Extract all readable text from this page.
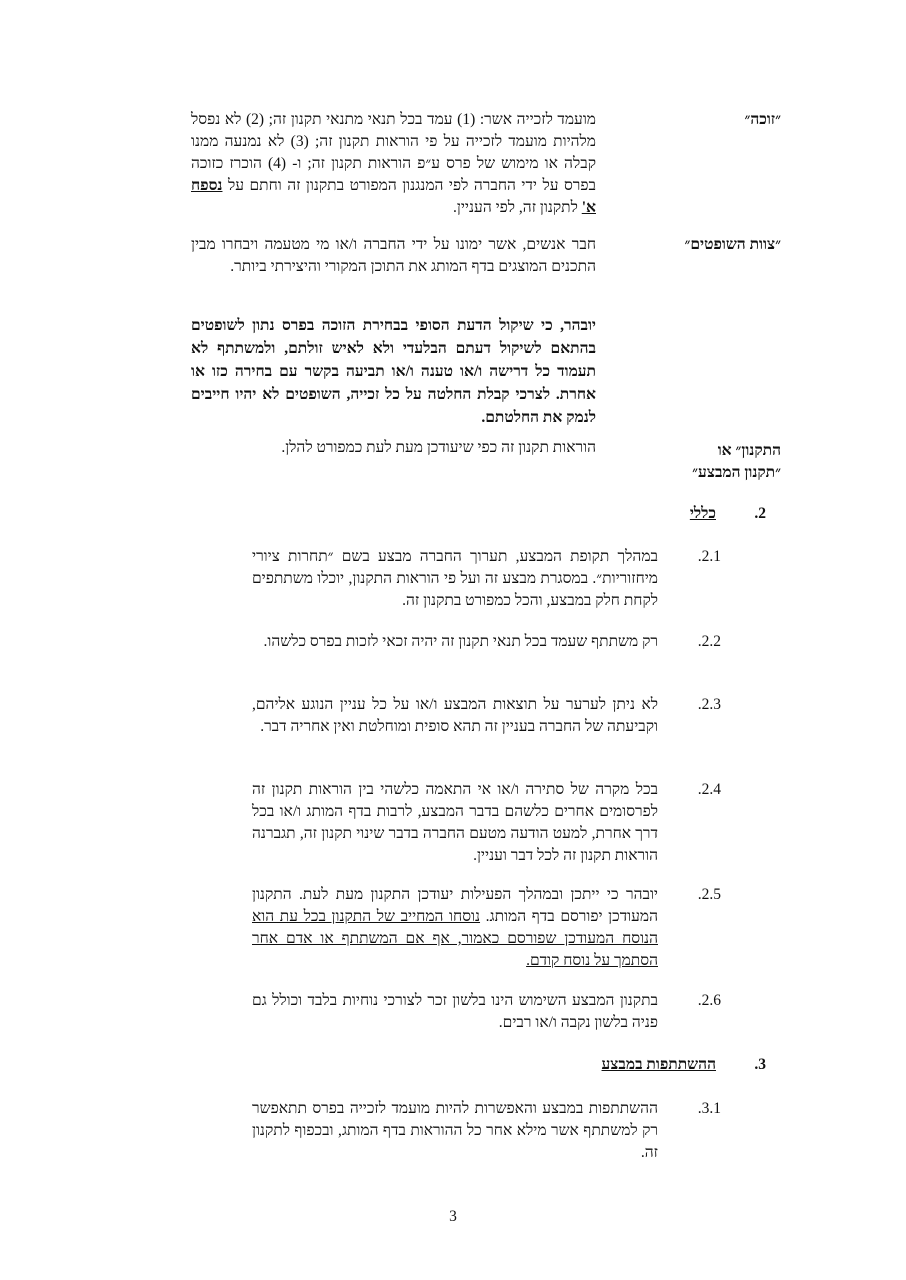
״זוכה״
מועמד לזכייה אשר: (1) עמד בכל תנאי מתנאי תקנון זה; (2) לא נפסל מלהיות מועמד לזכייה על פי הוראות תקנון זה; (3) לא נמנעה ממנו קבלה או מימוש של פרס ע״פ הוראות תקנון זה; ו- (4) הוכרז כזוכה בפרס על ידי החברה לפי המנגנון המפורט בתקנון זה וחתם על נספח א' לתקנון זה, לפי העניין.
״צוות השופטים״
חבר אנשים, אשר ימונו על ידי החברה ו/או מי מטעמה ויבחרו מבין התכנים המוצגים בדף המותג את התוכן המקורי והיצירתי ביותר.
יובהר, כי שיקול הדעת הסופי בבחירת הזוכה בפרס נתון לשופטים בהתאם לשיקול דעתם הבלעדי ולא לאיש זולתם, ולמשתתף לא תעמוד כל דרישה ו/או טענה ו/או תביעה בקשר עם בחירה כזו או אחרת. לצרכי קבלת החלטה על כל זכייה, השופטים לא יהיו חייבים לנמק את החלטתם.
התקנון״ או
״תקנון המבצע״
הוראות תקנון זה כפי שיעודכן מעת לעת כמפורט להלן.
2.
כללי
2.1.
במהלך תקופת המבצע, תערוך החברה מבצע בשם ״תחרות ציורי מיחזוריות״. במסגרת מבצע זה ועל פי הוראות התקנון, יוכלו משתתפים לקחת חלק במבצע, והכל כמפורט בתקנון זה.
2.2.
רק משתתף שעמד בכל תנאי תקנון זה יהיה זכאי לזכות בפרס כלשהו.
2.3.
לא ניתן לערער על תוצאות המבצע ו/או על כל עניין הנוגע אליהם, וקביעתה של החברה בעניין זה תהא סופית ומוחלטת ואין אחריה דבר.
2.4.
בכל מקרה של סתירה ו/או אי התאמה כלשהי בין הוראות תקנון זה לפרסומים אחרים כלשהם בדבר המבצע, לרבות בדף המותג ו/או בכל דרך אחרת, למעט הודעה מטעם החברה בדבר שינוי תקנון זה, תגברנה הוראות תקנון זה לכל דבר ועניין.
2.5.
יובהר כי ייתכן ובמהלך הפעילות יעודכן התקנון מעת לעת. התקנון המעודכן יפורסם בדף המותג. נוסחו המחייב של התקנון בכל עת הוא הנוסח המעודכן שפורסם כאמור, אף אם המשתתף או אדם אחר הסתמך על נוסח קודם.
2.6.
בתקנון המבצע השימוש הינו בלשון זכר לצורכי נוחיות בלבד וכולל גם פניה בלשון נקבה ו/או רבים.
3.
ההשתתפות במבצע
3.1.
ההשתתפות במבצע והאפשרות להיות מועמד לזכייה בפרס תתאפשר רק למשתתף אשר מילא אחר כל ההוראות בדף המותג, ובכפוף לתקנון זה.
3
